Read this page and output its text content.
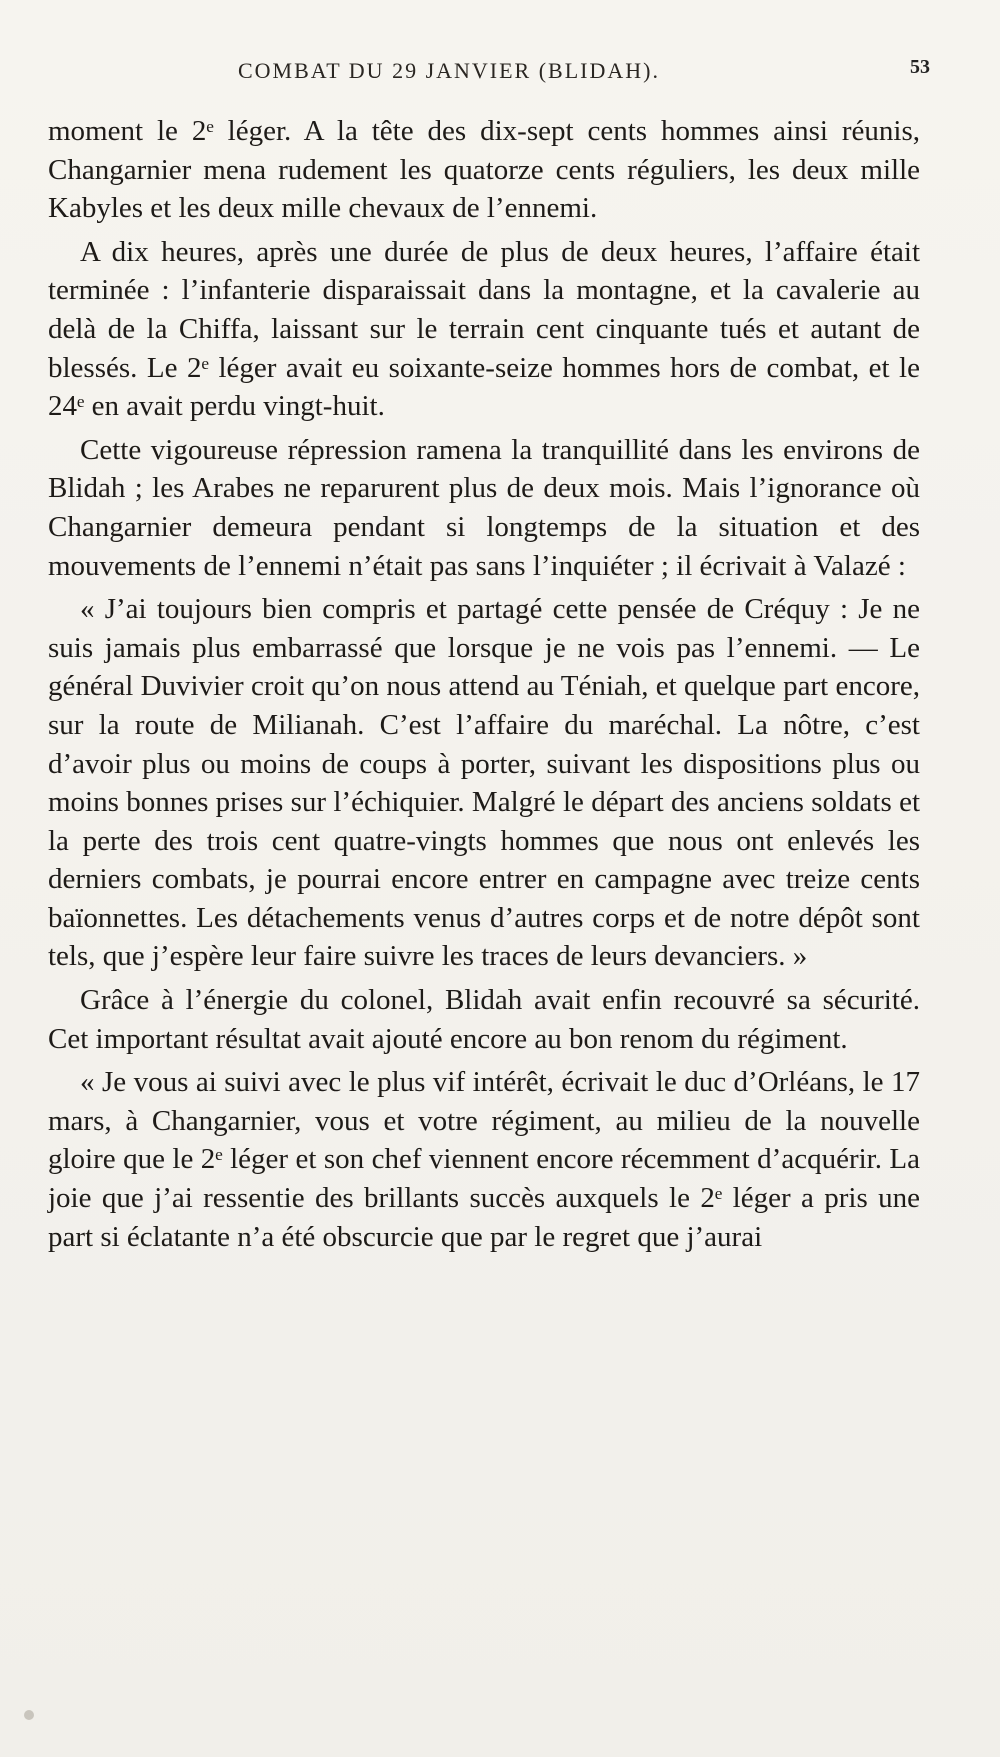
COMBAT DU 29 JANVIER (BLIDAH).	53

moment le 2ᵉ léger. A la tête des dix-sept cents hommes ainsi réunis, Changarnier mena rudement les quatorze cents réguliers, les deux mille Kabyles et les deux mille chevaux de l’ennemi.

A dix heures, après une durée de plus de deux heures, l’affaire était terminée : l’infanterie disparaissait dans la montagne, et la cavalerie au delà de la Chiffa, laissant sur le terrain cent cinquante tués et autant de blessés. Le 2ᵉ léger avait eu soixante-seize hommes hors de combat, et le 24ᵉ en avait perdu vingt-huit.

Cette vigoureuse répression ramena la tranquillité dans les environs de Blidah ; les Arabes ne reparurent plus de deux mois. Mais l’ignorance où Changarnier demeura pendant si longtemps de la situation et des mouvements de l’ennemi n’était pas sans l’inquiéter ; il écrivait à Valazé :

« J’ai toujours bien compris et partagé cette pensée de Créquy : Je ne suis jamais plus embarrassé que lorsque je ne vois pas l’ennemi. — Le général Duvivier croit qu’on nous attend au Téniah, et quelque part encore, sur la route de Milianah. C’est l’affaire du maréchal. La nôtre, c’est d’avoir plus ou moins de coups à porter, suivant les dispositions plus ou moins bonnes prises sur l’échiquier. Malgré le départ des anciens soldats et la perte des trois cent quatre-vingts hommes que nous ont enlevés les derniers combats, je pourrai encore entrer en campagne avec treize cents baïonnettes. Les détachements venus d’autres corps et de notre dépôt sont tels, que j’espère leur faire suivre les traces de leurs devanciers. »

Grâce à l’énergie du colonel, Blidah avait enfin recouvré sa sécurité. Cet important résultat avait ajouté encore au bon renom du régiment.

« Je vous ai suivi avec le plus vif intérêt, écrivait le duc d’Orléans, le 17 mars, à Changarnier, vous et votre régiment, au milieu de la nouvelle gloire que le 2ᵉ léger et son chef viennent encore récemment d’acquérir. La joie que j’ai ressentie des brillants succès auxquels le 2ᵉ léger a pris une part si éclatante n’a été obscurcie que par le regret que j’aurai
